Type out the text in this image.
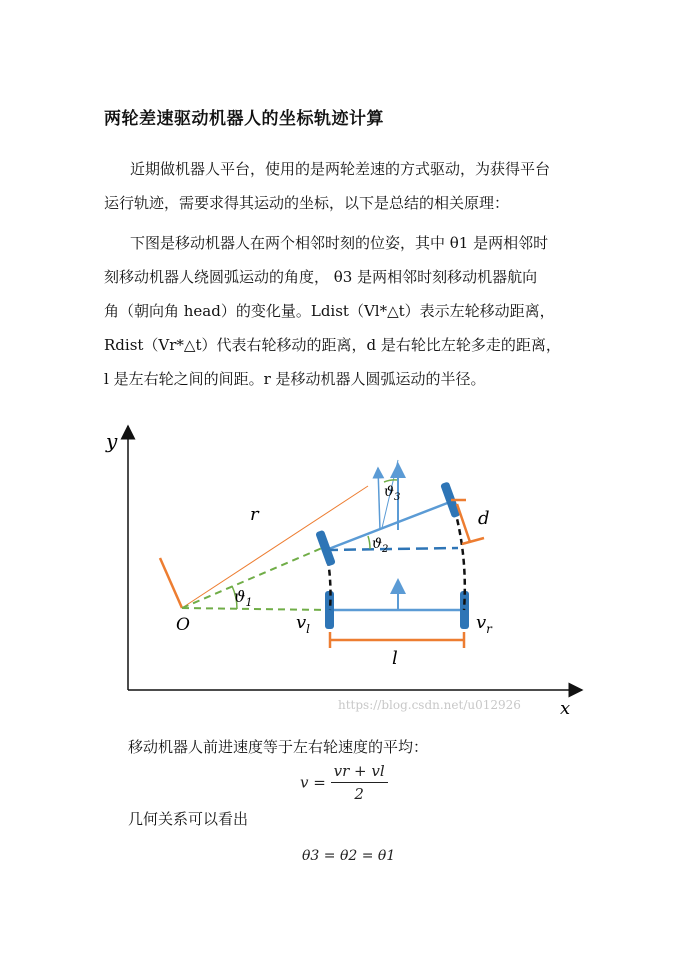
两轮差速驱动机器人的坐标轨迹计算
近期做机器人平台，使用的是两轮差速的方式驱动，为获得平台
运行轨迹，需要求得其运动的坐标，以下是总结的相关原理：
下图是移动机器人在两个相邻时刻的位姿，其中 θ1 是两相邻时
刻移动机器人绕圆弧运动的角度， θ3 是两相邻时刻移动机器航向
角（朝向角 head）的变化量。Ldist（Vl*△t）表示左轮移动距离，
Rdist（Vr*△t）代表右轮移动的距离，d 是右轮比左轮多走的距离，
l 是左右轮之间的间距。r 是移动机器人圆弧运动的半径。
y
x
https://blog.csdn.net/u012926
r
$ϑ_1$
$v_l$	$v_r$
l
$ϑ_2$
$ϑ_3$
d
O
移动机器人前进速度等于左右轮速度的平均：
$v = \frac{vr + vl}{2}$
几何关系可以看出
θ3 = θ2 = θ1
